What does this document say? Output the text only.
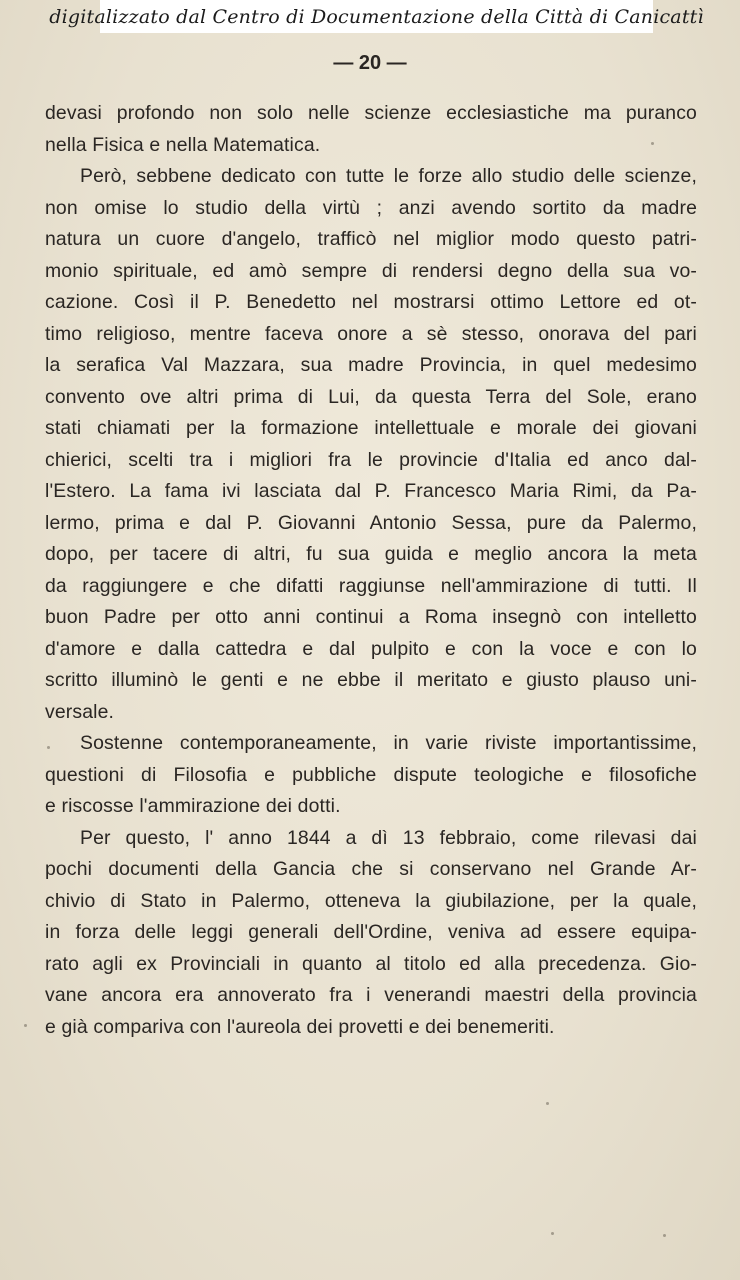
digitalizzato dal Centro di Documentazione della Città di Canicattì
— 20 —
devasi profondo non solo nelle scienze ecclesiastiche ma puranco
nella Fisica e nella Matematica.
Però, sebbene dedicato con tutte le forze allo studio delle scienze,
non omise lo studio della virtù ; anzi avendo sortito da madre
natura un cuore d'angelo, trafficò nel miglior modo questo patri-
monio spirituale, ed amò sempre di rendersi degno della sua vo-
cazione. Così il P. Benedetto nel mostrarsi ottimo Lettore ed ot-
timo religioso, mentre faceva onore a sè stesso, onorava del pari
la serafica Val Mazzara, sua madre Provincia, in quel medesimo
convento ove altri prima di Lui, da questa Terra del Sole, erano
stati chiamati per la formazione intellettuale e morale dei giovani
chierici, scelti tra i migliori fra le provincie d'Italia ed anco dal-
l'Estero. La fama ivi lasciata dal P. Francesco Maria Rimi, da Pa-
lermo, prima e dal P. Giovanni Antonio Sessa, pure da Palermo,
dopo, per tacere di altri, fu sua guida e meglio ancora la meta
da raggiungere e che difatti raggiunse nell'ammirazione di tutti. Il
buon Padre per otto anni continui a Roma insegnò con intelletto
d'amore e dalla cattedra e dal pulpito e con la voce e con lo
scritto illuminò le genti e ne ebbe il meritato e giusto plauso uni-
versale.
Sostenne contemporaneamente, in varie riviste importantissime,
questioni di Filosofia e pubbliche dispute teologiche e filosofiche
e riscosse l'ammirazione dei dotti.
Per questo, l' anno 1844 a dì 13 febbraio, come rilevasi dai
pochi documenti della Gancia che si conservano nel Grande Ar-
chivio di Stato in Palermo, otteneva la giubilazione, per la quale,
in forza delle leggi generali dell'Ordine, veniva ad essere equipa-
rato agli ex Provinciali in quanto al titolo ed alla precedenza. Gio-
vane ancora era annoverato fra i venerandi maestri della provincia
e già compariva con l'aureola dei provetti e dei benemeriti.
